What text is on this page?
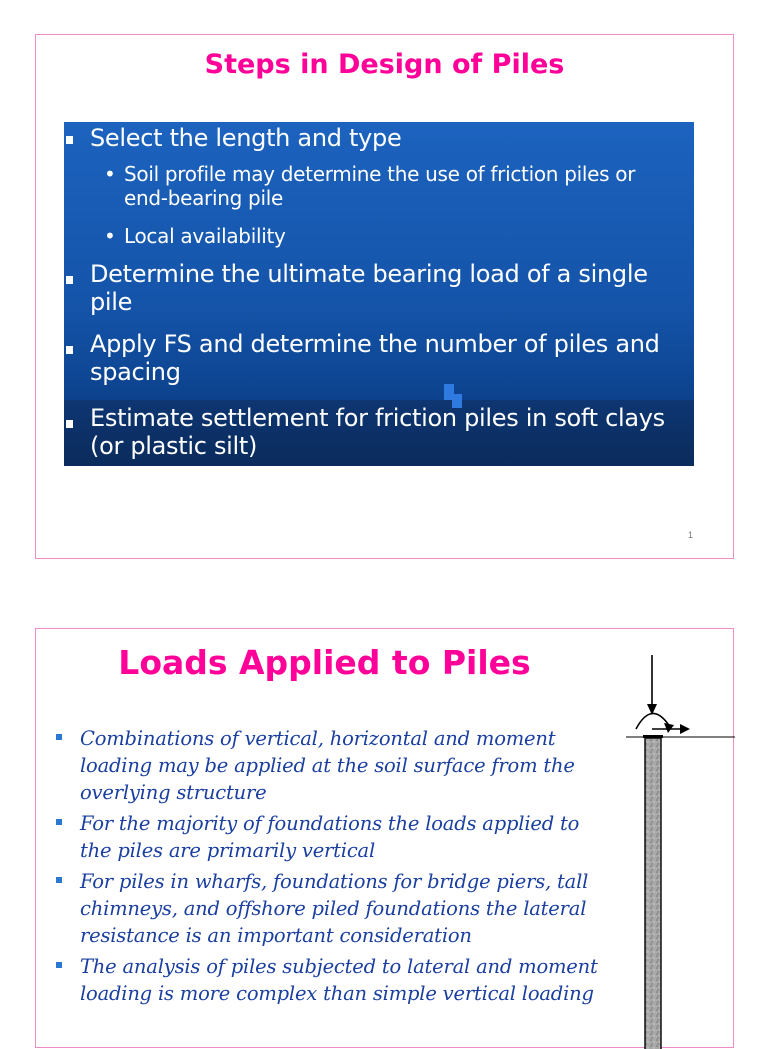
Steps in Design of Piles
Select the length and type
• Soil profile may determine the use of friction piles or
end-bearing pile
• Local availability
Determine the ultimate bearing load of a single
pile
Apply FS and determine the number of piles and
spacing
Estimate settlement for friction piles in soft clays
(or plastic silt)
1
Loads Applied to Piles
Combinations of vertical, horizontal and moment loading may be applied at the soil surface from the overlying structure
For the majority of foundations the loads applied to the piles are primarily vertical
For piles in wharfs, foundations for bridge piers, tall chimneys, and offshore piled foundations the lateral resistance is an important consideration
The analysis of piles subjected to lateral and moment loading is more complex than simple vertical loading
